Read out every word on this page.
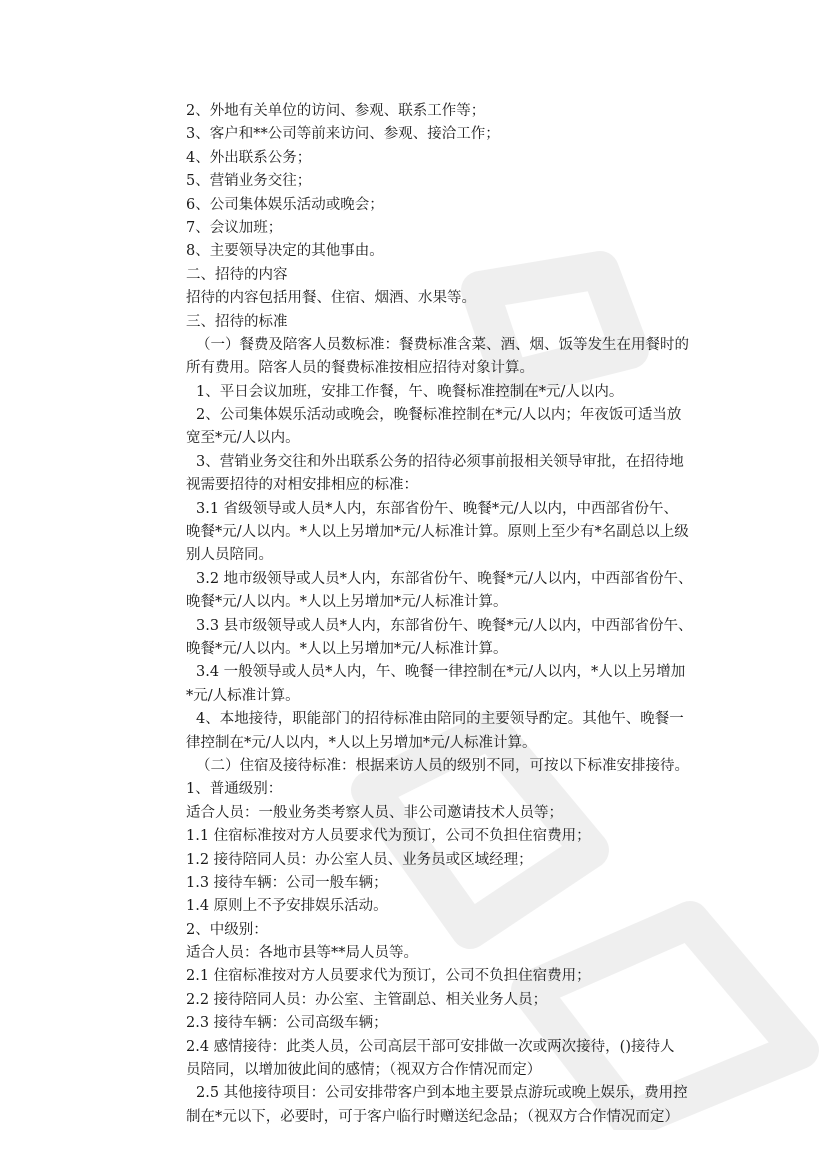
2、外地有关单位的访问、参观、联系工作等；
3、客户和**公司等前来访问、参观、接洽工作；
4、外出联系公务；
5、营销业务交往；
6、公司集体娱乐活动或晚会；
7、会议加班；
8、主要领导决定的其他事由。
二、招待的内容
招待的内容包括用餐、住宿、烟酒、水果等。
三、招待的标准
（一）餐费及陪客人员数标准：餐费标准含菜、酒、烟、饭等发生在用餐时的
所有费用。陪客人员的餐费标准按相应招待对象计算。
1、平日会议加班，安排工作餐，午、晚餐标准控制在*元/人以内。
2、公司集体娱乐活动或晚会，晚餐标准控制在*元/人以内；年夜饭可适当放
宽至*元/人以内。
3、营销业务交往和外出联系公务的招待必须事前报相关领导审批，在招待地
视需要招待的对相安排相应的标准：
3.1 省级领导或人员*人内，东部省份午、晚餐*元/人以内，中西部省份午、
晚餐*元/人以内。*人以上另增加*元/人标准计算。原则上至少有*名副总以上级
别人员陪同。
3.2 地市级领导或人员*人内，东部省份午、晚餐*元/人以内，中西部省份午、
晚餐*元/人以内。*人以上另增加*元/人标准计算。
3.3 县市级领导或人员*人内，东部省份午、晚餐*元/人以内，中西部省份午、
晚餐*元/人以内。*人以上另增加*元/人标准计算。
3.4 一般领导或人员*人内，午、晚餐一律控制在*元/人以内，*人以上另增加
*元/人标准计算。
4、本地接待，职能部门的招待标准由陪同的主要领导酌定。其他午、晚餐一
律控制在*元/人以内，*人以上另增加*元/人标准计算。
（二）住宿及接待标准：根据来访人员的级别不同，可按以下标准安排接待。
1、普通级别：
适合人员：一般业务类考察人员、非公司邀请技术人员等；
1.1 住宿标准按对方人员要求代为预订，公司不负担住宿费用；
1.2 接待陪同人员：办公室人员、业务员或区域经理；
1.3 接待车辆：公司一般车辆；
1.4 原则上不予安排娱乐活动。
2、中级别：
适合人员：各地市县等**局人员等。
2.1 住宿标准按对方人员要求代为预订，公司不负担住宿费用；
2.2 接待陪同人员：办公室、主管副总、相关业务人员；
2.3 接待车辆：公司高级车辆；
2.4 感情接待：此类人员，公司高层干部可安排做一次或两次接待，()接待人
员陪同，以增加彼此间的感情；（视双方合作情况而定）
2.5 其他接待项目：公司安排带客户到本地主要景点游玩或晚上娱乐，费用控
制在*元以下，必要时，可于客户临行时赠送纪念品；（视双方合作情况而定）
